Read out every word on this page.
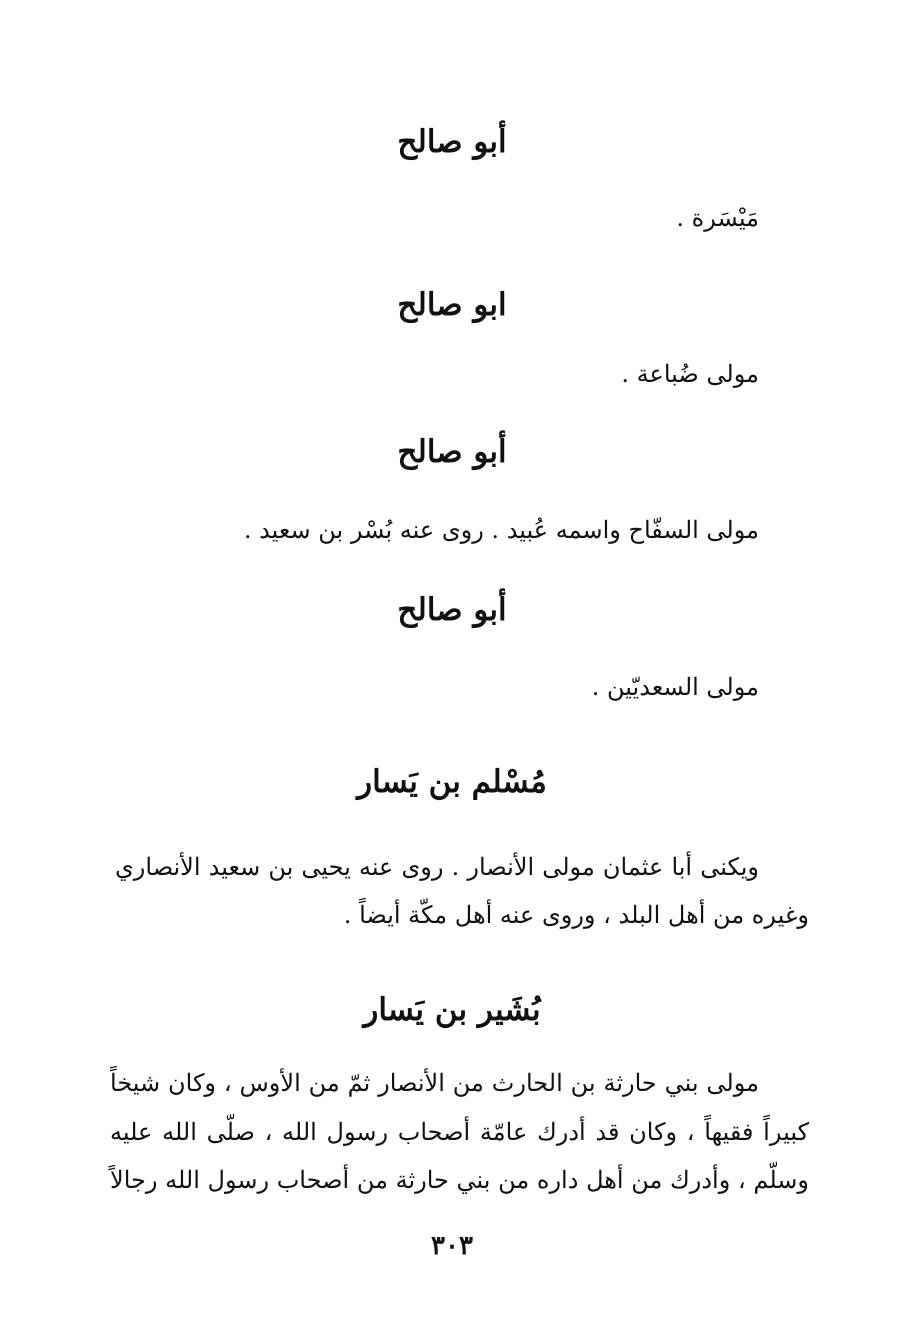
أبو صالح

مَيْسَرة .

ابو صالح

مولى ضُباعة .

أبو صالح

مولى السفّاح واسمه عُبيد . روى عنه بُسْر بن سعيد .

أبو صالح

مولى السعديّين .

مُسْلم بن يَسار

ويكنى أبا عثمان مولى الأنصار . روى عنه يحيى بن سعيد الأنصاري

وغيره من أهل البلد ، وروى عنه أهل مكّة أيضاً .

بُشَير بن يَسار

مولى بني حارثة بن الحارث من الأنصار ثمّ من الأوس ، وكان شيخاً

كبيراً فقيهاً ، وكان قد أدرك عامّة أصحاب رسول الله ، صلّى الله عليه

وسلّم ، وأدرك من أهل داره من بني حارثة من أصحاب رسول الله رجالاً

٣٠٣
